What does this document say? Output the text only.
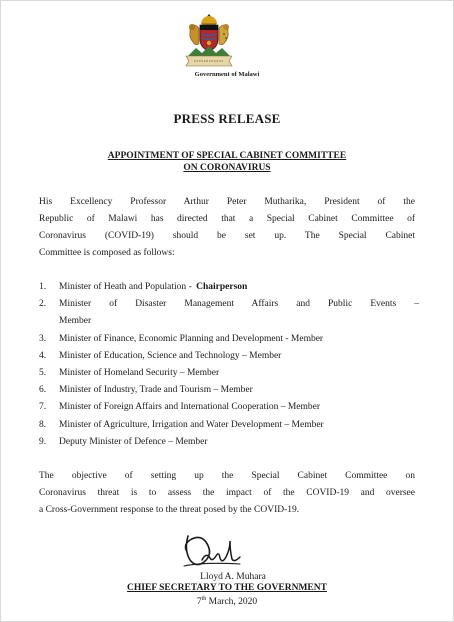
Government of Malawi
PRESS RELEASE
APPOINTMENT OF SPECIAL CABINET COMMITTEE
ON CORONAVIRUS
His Excellency Professor Arthur Peter Mutharika, President of the
Republic of Malawi has directed that a Special Cabinet Committee of
Coronavirus (COVID-19) should be set up. The Special Cabinet
Committee is composed as follows:
1. Minister of Heath and Population - Chairperson
2. Minister of Disaster Management Affairs and Public Events –
Member
3. Minister of Finance, Economic Planning and Development - Member
4. Minister of Education, Science and Technology – Member
5. Minister of Homeland Security – Member
6. Minister of Industry, Trade and Tourism – Member
7. Minister of Foreign Affairs and International Cooperation – Member
8. Minister of Agriculture, Irrigation and Water Development – Member
9. Deputy Minister of Defence – Member
The objective of setting up the Special Cabinet Committee on
Coronavirus threat is to assess the impact of the COVID-19 and oversee
a Cross-Government response to the threat posed by the COVID-19.
Lloyd A. Muhara
CHIEF SECRETARY TO THE GOVERNMENT
7th March, 2020
